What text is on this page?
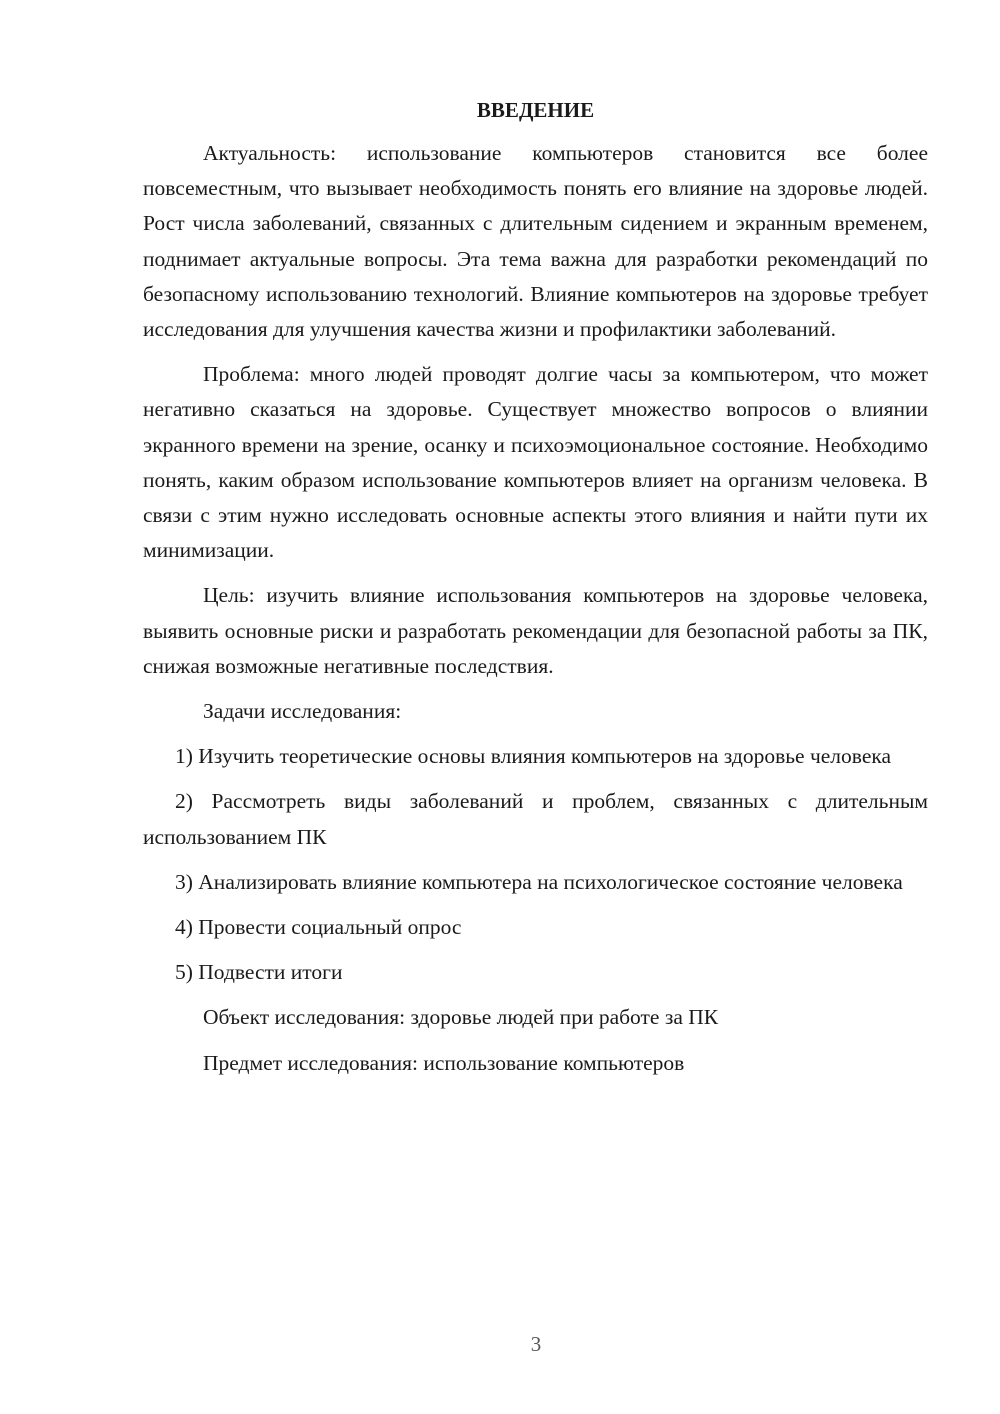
ВВЕДЕНИЕ

Актуальность: использование компьютеров становится все более повсеместным, что вызывает необходимость понять его влияние на здоровье людей. Рост числа заболеваний, связанных с длительным сидением и экранным временем, поднимает актуальные вопросы. Эта тема важна для разработки рекомендаций по безопасному использованию технологий. Влияние компьютеров на здоровье требует исследования для улучшения качества жизни и профилактики заболеваний.

Проблема: много людей проводят долгие часы за компьютером, что может негативно сказаться на здоровье. Существует множество вопросов о влиянии экранного времени на зрение, осанку и психоэмоциональное состояние. Необходимо понять, каким образом использование компьютеров влияет на организм человека. В связи с этим нужно исследовать основные аспекты этого влияния и найти пути их минимизации.

Цель: изучить влияние использования компьютеров на здоровье человека, выявить основные риски и разработать рекомендации для безопасной работы за ПК, снижая возможные негативные последствия.

Задачи исследования:

1) Изучить теоретические основы влияния компьютеров на здоровье человека

2) Рассмотреть виды заболеваний и проблем, связанных с длительным использованием ПК

3) Анализировать влияние компьютера на психологическое состояние человека

4) Провести социальный опрос

5) Подвести итоги

Объект исследования: здоровье людей при работе за ПК

Предмет исследования: использование компьютеров

3
